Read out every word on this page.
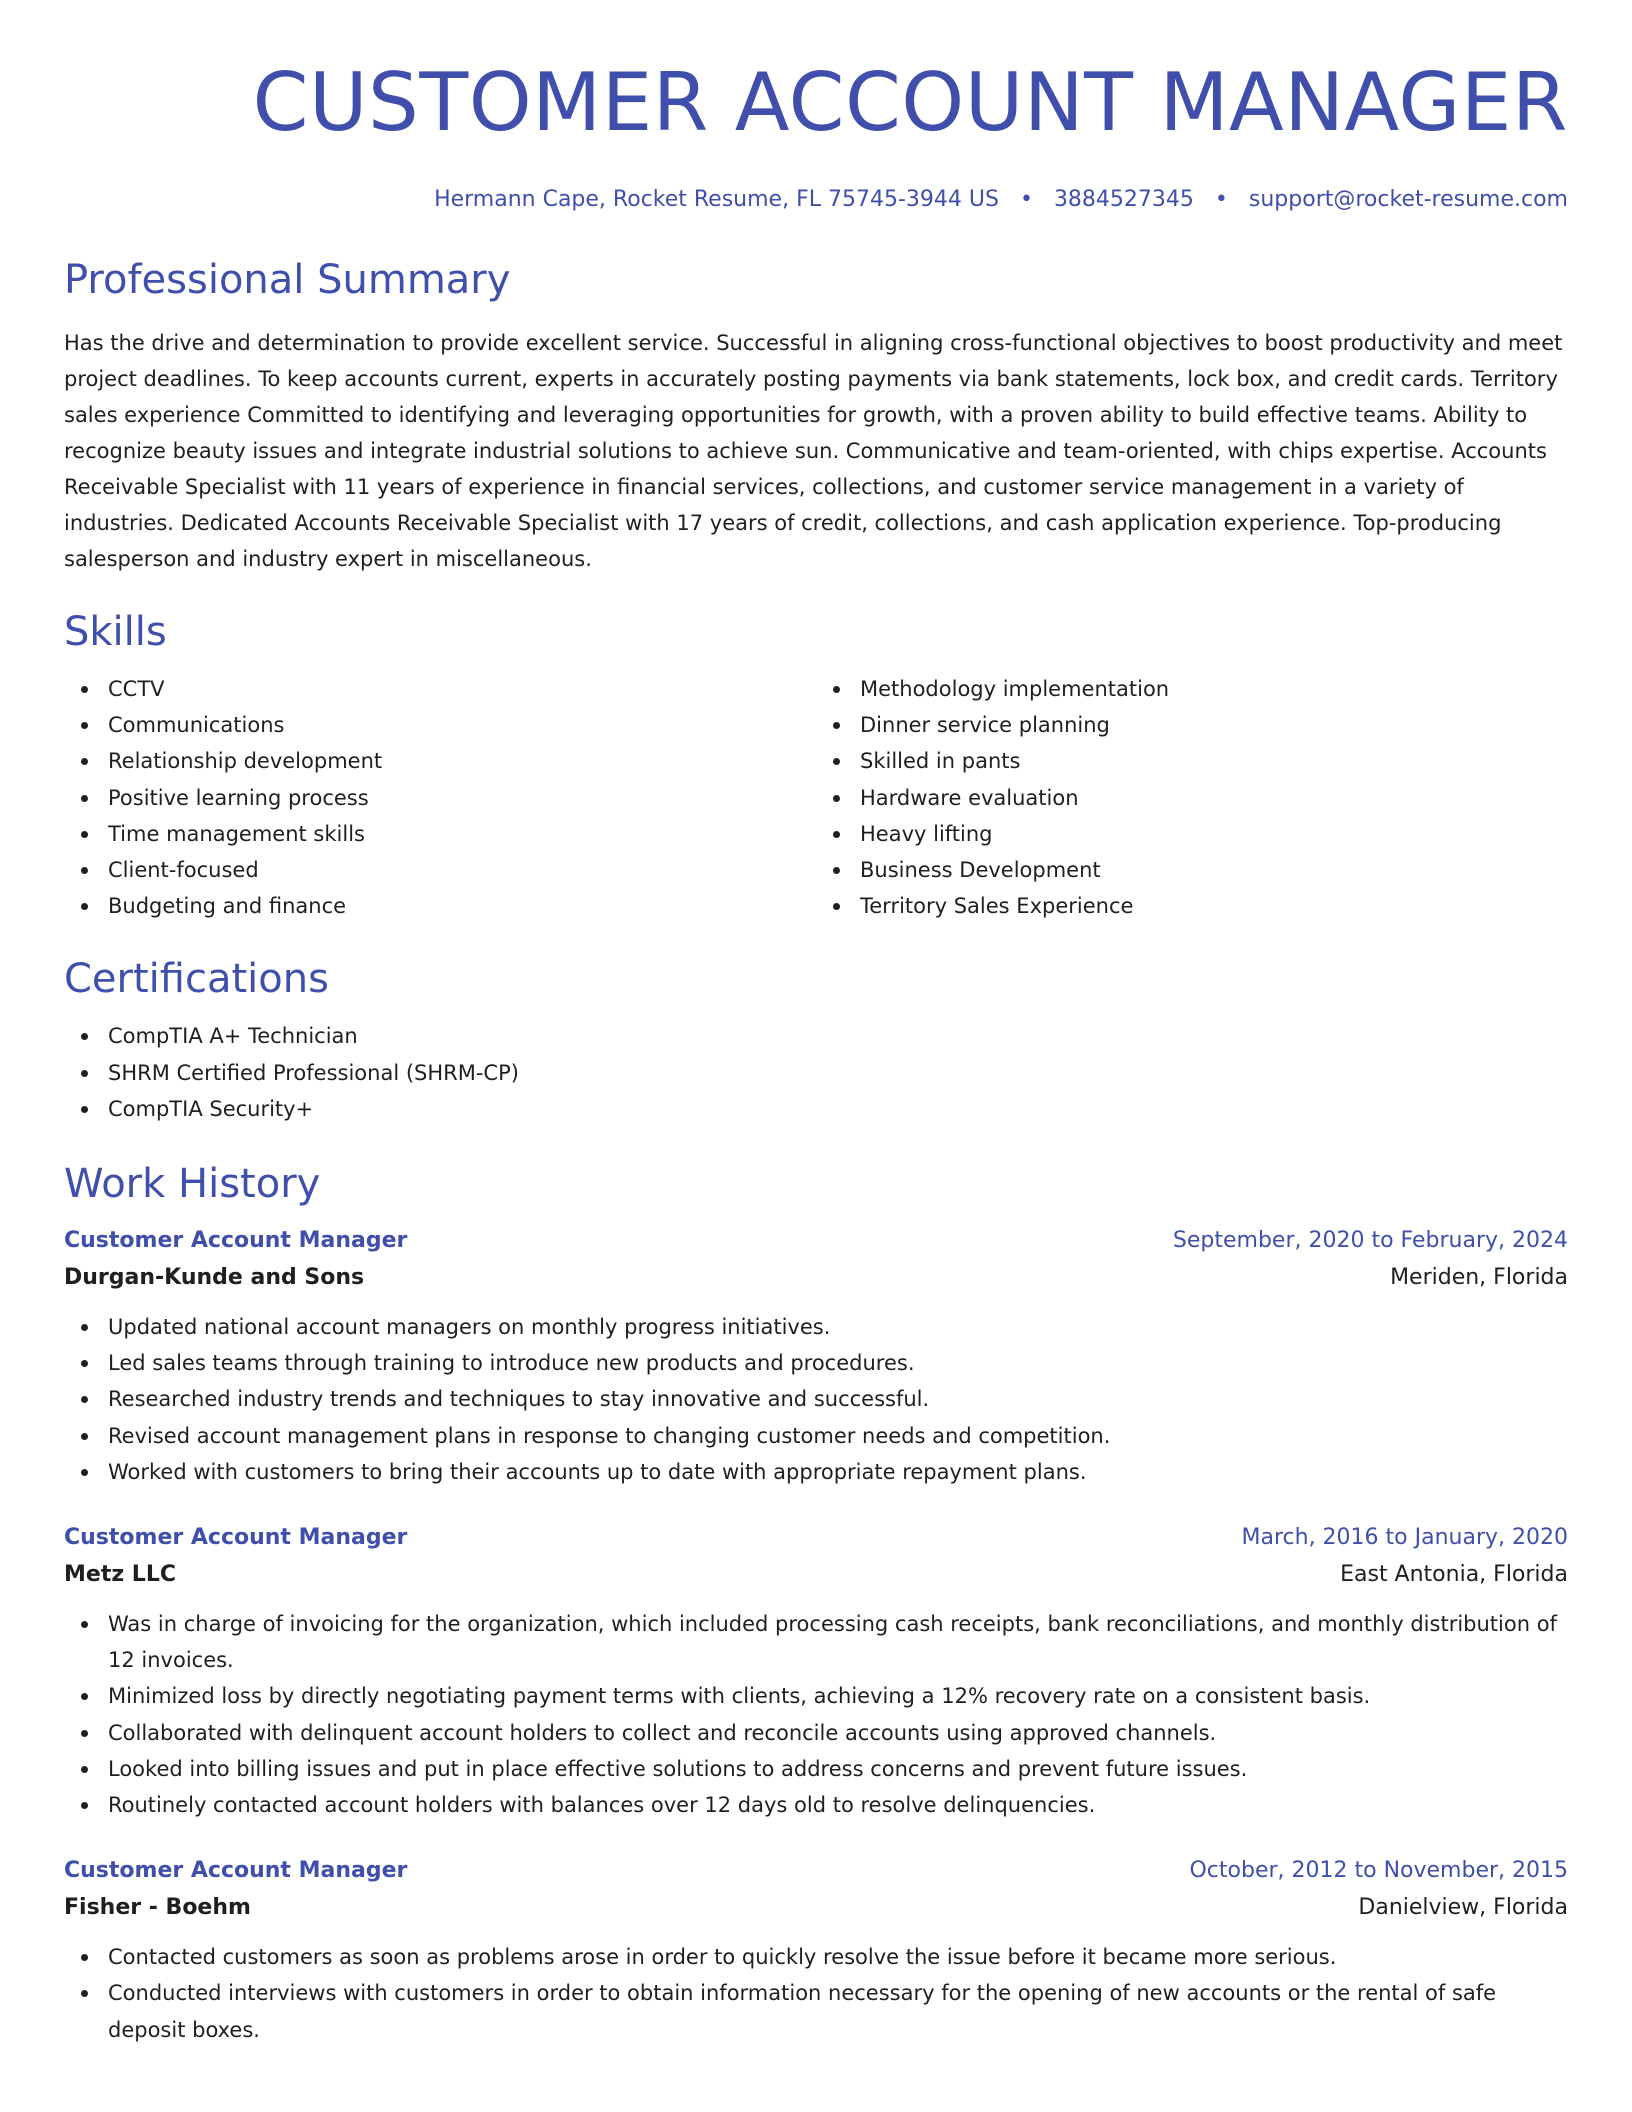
CUSTOMER ACCOUNT MANAGER
Hermann Cape, Rocket Resume, FL 75745-3944 US • 3884527345 • support@rocket-resume.com
Professional Summary

Has the drive and determination to provide excellent service. Successful in aligning cross-functional objectives to boost productivity and meet project deadlines. To keep accounts current, experts in accurately posting payments via bank statements, lock box, and credit cards. Territory sales experience Committed to identifying and leveraging opportunities for growth, with a proven ability to build effective teams. Ability to recognize beauty issues and integrate industrial solutions to achieve sun. Communicative and team-oriented, with chips expertise. Accounts Receivable Specialist with 11 years of experience in financial services, collections, and customer service management in a variety of industries. Dedicated Accounts Receivable Specialist with 17 years of credit, collections, and cash application experience. Top-producing salesperson and industry expert in miscellaneous.

Skills
CCTV
Communications
Relationship development
Positive learning process
Time management skills
Client-focused
Budgeting and finance
Methodology implementation
Dinner service planning
Skilled in pants
Hardware evaluation
Heavy lifting
Business Development
Territory Sales Experience
Certifications
CompTIA A+ Technician
SHRM Certified Professional (SHRM-CP)
CompTIA Security+
Work History
Customer Account Manager	September, 2020 to February, 2024
Durgan-Kunde and Sons	Meriden, Florida
Updated national account managers on monthly progress initiatives.
Led sales teams through training to introduce new products and procedures.
Researched industry trends and techniques to stay innovative and successful.
Revised account management plans in response to changing customer needs and competition.
Worked with customers to bring their accounts up to date with appropriate repayment plans.
Customer Account Manager	March, 2016 to January, 2020
Metz LLC	East Antonia, Florida
Was in charge of invoicing for the organization, which included processing cash receipts, bank reconciliations, and monthly distribution of 12 invoices.
Minimized loss by directly negotiating payment terms with clients, achieving a 12% recovery rate on a consistent basis.
Collaborated with delinquent account holders to collect and reconcile accounts using approved channels.
Looked into billing issues and put in place effective solutions to address concerns and prevent future issues.
Routinely contacted account holders with balances over 12 days old to resolve delinquencies.
Customer Account Manager	October, 2012 to November, 2015
Fisher - Boehm	Danielview, Florida
Contacted customers as soon as problems arose in order to quickly resolve the issue before it became more serious.
Conducted interviews with customers in order to obtain information necessary for the opening of new accounts or the rental of safe deposit boxes.
